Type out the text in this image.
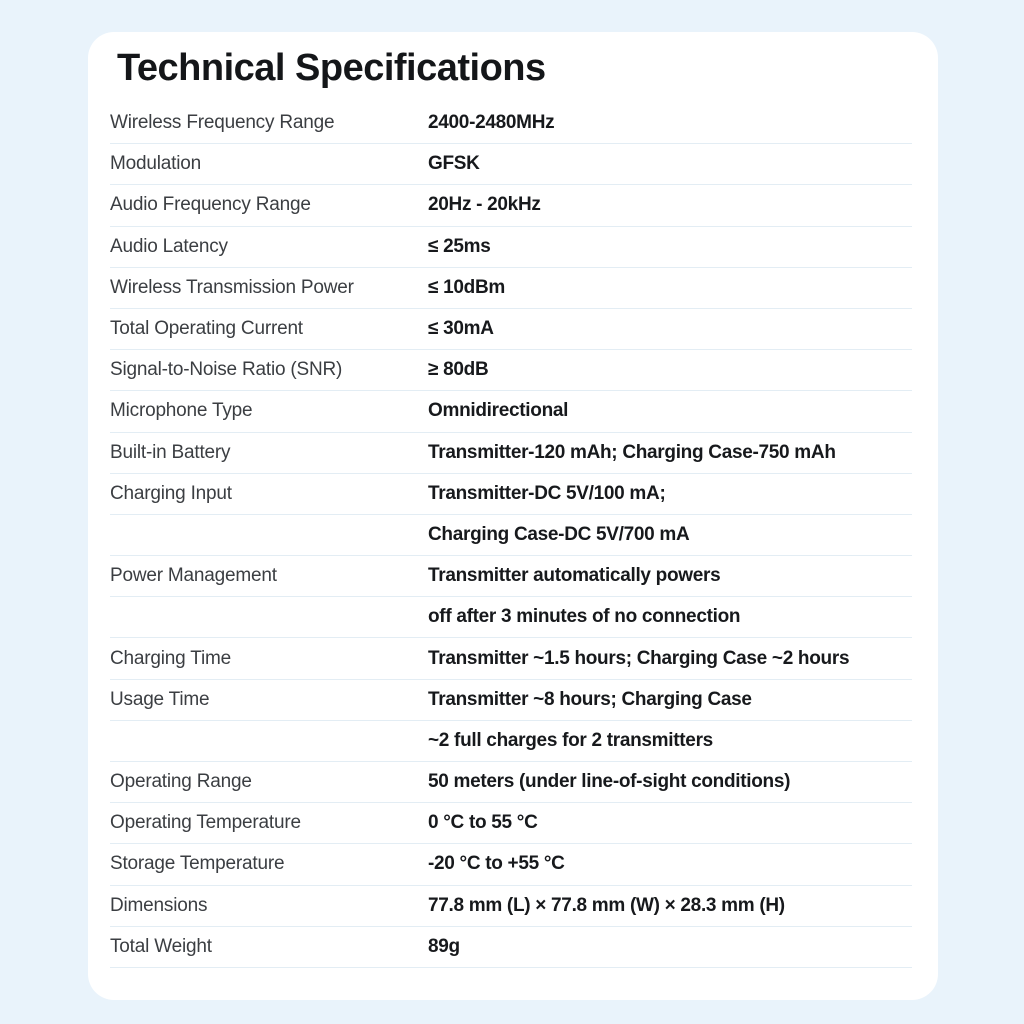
Technical Specifications
Wireless Frequency Range	2400-2480MHz
Modulation	GFSK
Audio Frequency Range	20Hz - 20kHz
Audio Latency	≤ 25ms
Wireless Transmission Power	≤ 10dBm
Total Operating Current	≤ 30mA
Signal-to-Noise Ratio (SNR)	≥ 80dB
Microphone Type	Omnidirectional
Built-in Battery	Transmitter-120 mAh; Charging Case-750 mAh
Charging Input	Transmitter-DC 5V/100 mA;
Charging Case-DC 5V/700 mA
Power Management	Transmitter automatically powers
off after 3 minutes of no connection
Charging Time	Transmitter ~1.5 hours; Charging Case ~2 hours
Usage Time	Transmitter ~8 hours; Charging Case
~2 full charges for 2 transmitters
Operating Range	50 meters (under line-of-sight conditions)
Operating Temperature	0 °C to 55 °C
Storage Temperature	-20 °C to +55 °C
Dimensions	77.8 mm (L) × 77.8 mm (W) × 28.3 mm (H)
Total Weight	89g
